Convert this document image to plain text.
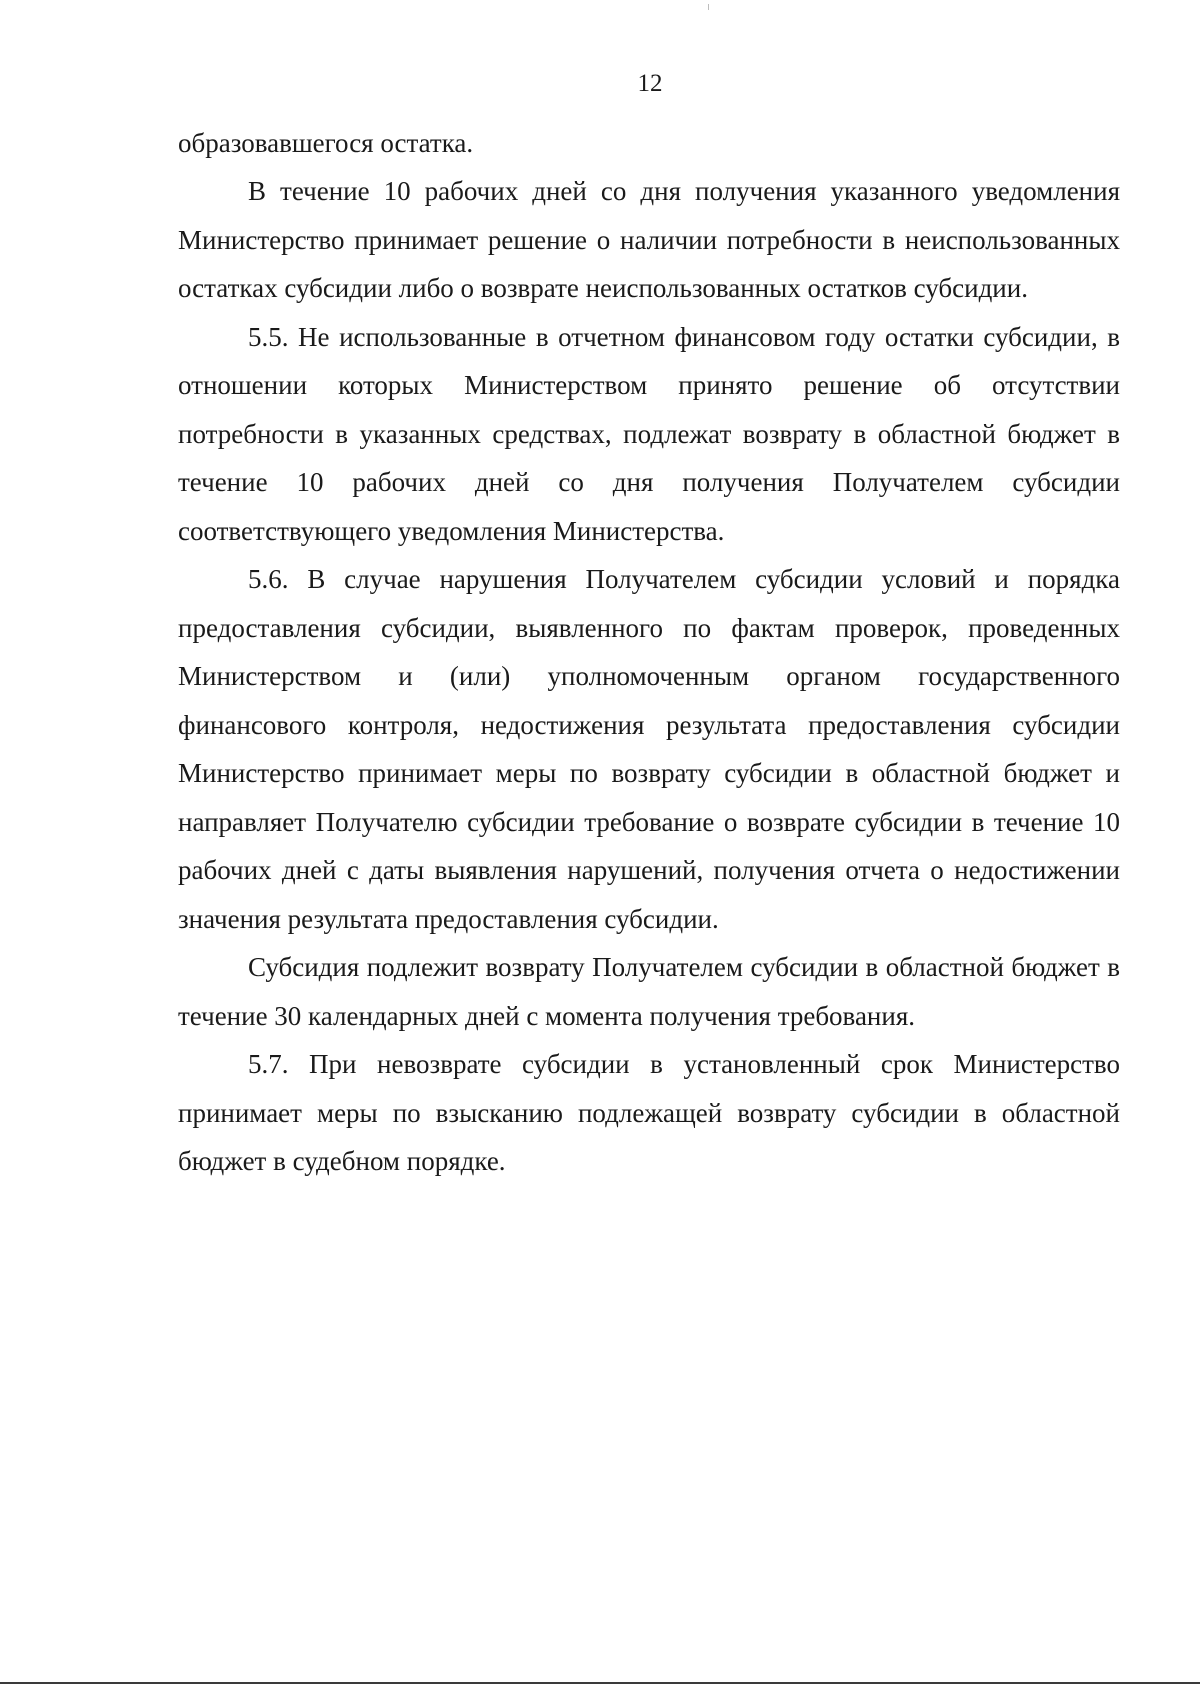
12

образовавшегося остатка.

В течение 10 рабочих дней со дня получения указанного уведомления Министерство принимает решение о наличии потребности в неиспользованных остатках субсидии либо о возврате неиспользованных остатков субсидии.

5.5. Не использованные в отчетном финансовом году остатки субсидии, в отношении которых Министерством принято решение об отсутствии потребности в указанных средствах, подлежат возврату в областной бюджет в течение 10 рабочих дней со дня получения Получателем субсидии соответствующего уведомления Министерства.

5.6. В случае нарушения Получателем субсидии условий и порядка предоставления субсидии, выявленного по фактам проверок, проведенных Министерством и (или) уполномоченным органом государственного финансового контроля, недостижения результата предоставления субсидии Министерство принимает меры по возврату субсидии в областной бюджет и направляет Получателю субсидии требование о возврате субсидии в течение 10 рабочих дней с даты выявления нарушений, получения отчета о недостижении значения результата предоставления субсидии.

Субсидия подлежит возврату Получателем субсидии в областной бюджет в течение 30 календарных дней с момента получения требования.

5.7. При невозврате субсидии в установленный срок Министерство принимает меры по взысканию подлежащей возврату субсидии в областной бюджет в судебном порядке.
